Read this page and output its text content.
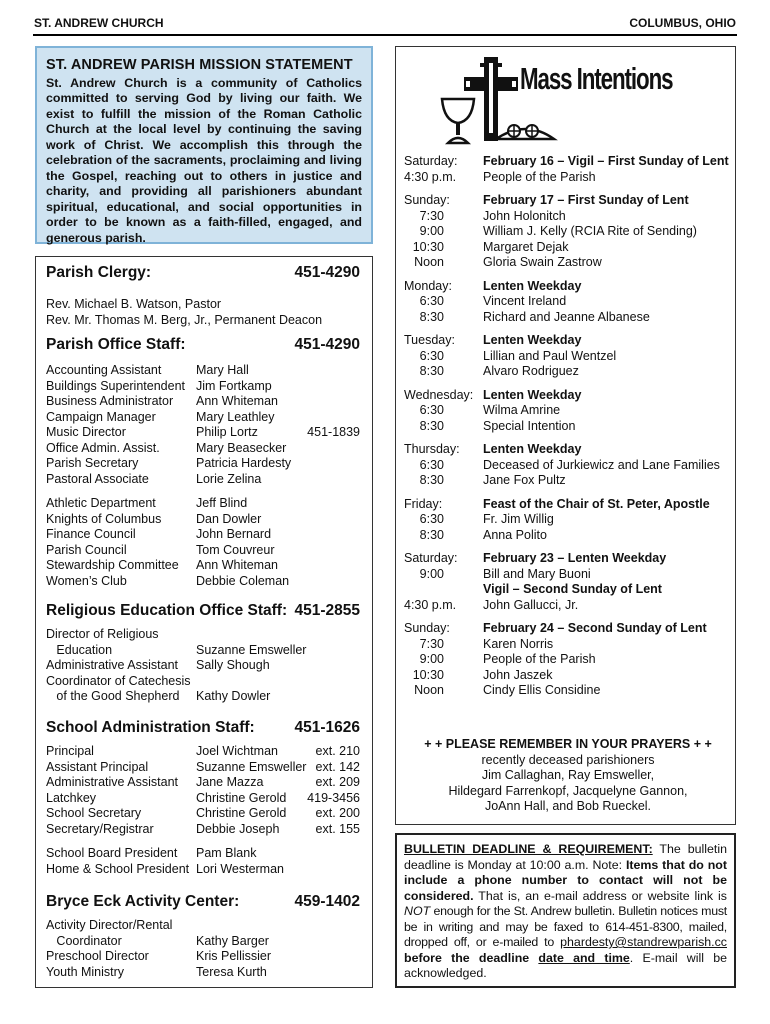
ST. ANDREW CHURCH	COLUMBUS, OHIO
ST. ANDREW PARISH MISSION STATEMENT

St. Andrew Church is a community of Catholics committed to serving God by living our faith. We exist to fulfill the mission of the Roman Catholic Church at the local level by continuing the saving work of Christ. We accomplish this through the celebration of the sacraments, proclaiming and living the Gospel, reaching out to others in justice and charity, and providing all parishioners abundant spiritual, educational, and social opportunities in order to be known as a faith-filled, engaged, and generous parish.

Parish Clergy:	451-4290
Rev. Michael B. Watson, Pastor
Rev. Mr. Thomas M. Berg, Jr., Permanent Deacon
Parish Office Staff:	451-4290
Accounting Assistant	Mary Hall
Buildings Superintendent Jim Fortkamp
Business Administrator Ann Whiteman
Campaign Manager	Mary Leathley
Music Director	Philip Lortz	451-1839
Office Admin. Assist.	Mary Beasecker
Parish Secretary	Patricia Hardesty
Pastoral Associate	Lorie Zelina
Athletic Department	Jeff Blind
Knights of Columbus	Dan Dowler
Finance Council	John Bernard
Parish Council	Tom Couvreur
Stewardship Committee Ann Whiteman
Women’s Club	Debbie Coleman
Religious Education Office Staff: 451-2855
Director of Religious
Education	Suzanne Emsweller
Administrative Assistant Sally Shough
Coordinator of Catechesis
of the Good Shepherd Kathy Dowler
School Administration Staff:	451-1626
Principal	Joel Wichtman	ext. 210
Assistant Principal	Suzanne Emsweller ext. 142
Administrative Assistant Jane Mazza	ext. 209
Latchkey	Christine Gerold 419-3456
School Secretary	Christine Gerold ext. 200
Secretary/Registrar	Debbie Joseph	ext. 155
School Board President Pam Blank
Home & School President Lori Westerman
Bryce Eck Activity Center:	459-1402
Activity Director/Rental
Coordinator	Kathy Barger
Preschool Director	Kris Pellissier
Youth Ministry	Teresa Kurth
Mass Intentions
Saturday: February 16 – Vigil – First Sunday of Lent
4:30 p.m. People of the Parish
Sunday:	February 17 – First Sunday of Lent
7:30	John Holonitch
9:00	William J. Kelly (RCIA Rite of Sending)
10:30	Margaret Dejak
Noon	Gloria Swain Zastrow
Monday: Lenten Weekday
6:30	Vincent Ireland
8:30	Richard and Jeanne Albanese
Tuesday: Lenten Weekday
6:30	Lillian and Paul Wentzel
8:30	Alvaro Rodriguez
Wednesday: Lenten Weekday
6:30	Wilma Amrine
8:30	Special Intention
Thursday: Lenten Weekday
6:30	Deceased of Jurkiewicz and Lane Families
8:30	Jane Fox Pultz
Friday:	Feast of the Chair of St. Peter, Apostle
6:30	Fr. Jim Willig
8:30	Anna Polito
Saturday: February 23 – Lenten Weekday
9:00	Bill and Mary Buoni
Vigil – Second Sunday of Lent
4:30 p.m. John Gallucci, Jr.
Sunday:	February 24 – Second Sunday of Lent
7:30	Karen Norris
9:00	People of the Parish
10:30	John Jaszek
Noon	Cindy Ellis Considine
+ + PLEASE REMEMBER IN YOUR PRAYERS + +
recently deceased parishioners
Jim Callaghan, Ray Emsweller,
Hildegard Farrenkopf, Jacquelyne Gannon,
JoAnn Hall, and Bob Rueckel.
BULLETIN DEADLINE & REQUIREMENT: The bulletin deadline is Monday at 10:00 a.m. Note: Items that do not include a phone number to contact will not be considered. That is, an e-mail address or website link is NOT enough for the St. Andrew bulletin. Bulletin notices must be in writing and may be faxed to 614-451-8300, mailed, dropped off, or e-mailed to phardesty@standrewparish.cc before the deadline date and time. E-mail will be acknowledged.
